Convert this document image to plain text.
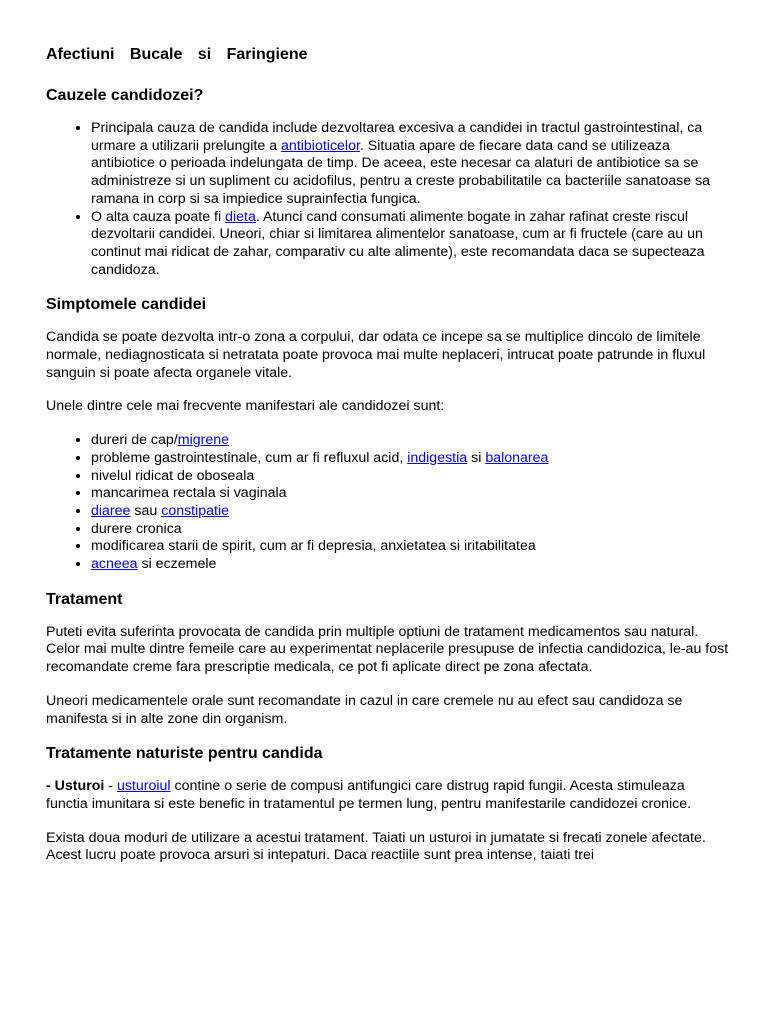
Afectiuni Bucale si Faringiene
Cauzele candidozei?
• Principala cauza de candida include dezvoltarea excesiva a candidei in tractul gastrointestinal, ca urmare a utilizarii prelungite a antibioticelor. Situatia apare de fiecare data cand se utilizeaza antibiotice o perioada indelungata de timp. De aceea, este necesar ca alaturi de antibiotice sa se administreze si un supliment cu acidofilus, pentru a creste probabilitatile ca bacteriile sanatoase sa ramana in corp si sa impiedice suprainfectia fungica.
• O alta cauza poate fi dieta. Atunci cand consumati alimente bogate in zahar rafinat creste riscul dezvoltarii candidei. Uneori, chiar si limitarea alimentelor sanatoase, cum ar fi fructele (care au un continut mai ridicat de zahar, comparativ cu alte alimente), este recomandata daca se supecteaza candidoza.
Simptomele candidei

Candida se poate dezvolta intr-o zona a corpului, dar odata ce incepe sa se multiplice dincolo de limitele normale, nediagnosticata si netratata poate provoca mai multe neplaceri, intrucat poate patrunde in fluxul sanguin si poate afecta organele vitale.

Unele dintre cele mai frecvente manifestari ale candidozei sunt:

• dureri de cap/migrene
• probleme gastrointestinale, cum ar fi refluxul acid, indigestia si balonarea
• nivelul ridicat de oboseala
• mancarimea rectala si vaginala
• diaree sau constipatie
• durere cronica
• modificarea starii de spirit, cum ar fi depresia, anxietatea si iritabilitatea
• acneea si eczemele
Tratament

Puteti evita suferinta provocata de candida prin multiple optiuni de tratament medicamentos sau natural. Celor mai multe dintre femeile care au experimentat neplacerile presupuse de infectia candidozica, le-au fost recomandate creme fara prescriptie medicala, ce pot fi aplicate direct pe zona afectata.

Uneori medicamentele orale sunt recomandate in cazul in care cremele nu au efect sau candidoza se manifesta si in alte zone din organism.

Tratamente naturiste pentru candida

- Usturoi - usturoiul contine o serie de compusi antifungici care distrug rapid fungii. Acesta stimuleaza functia imunitara si este benefic in tratamentul pe termen lung, pentru manifestarile candidozei cronice.

Exista doua moduri de utilizare a acestui tratament. Taiati un usturoi in jumatate si frecati zonele afectate. Acest lucru poate provoca arsuri si intepaturi. Daca reactiile sunt prea intense, taiati trei
